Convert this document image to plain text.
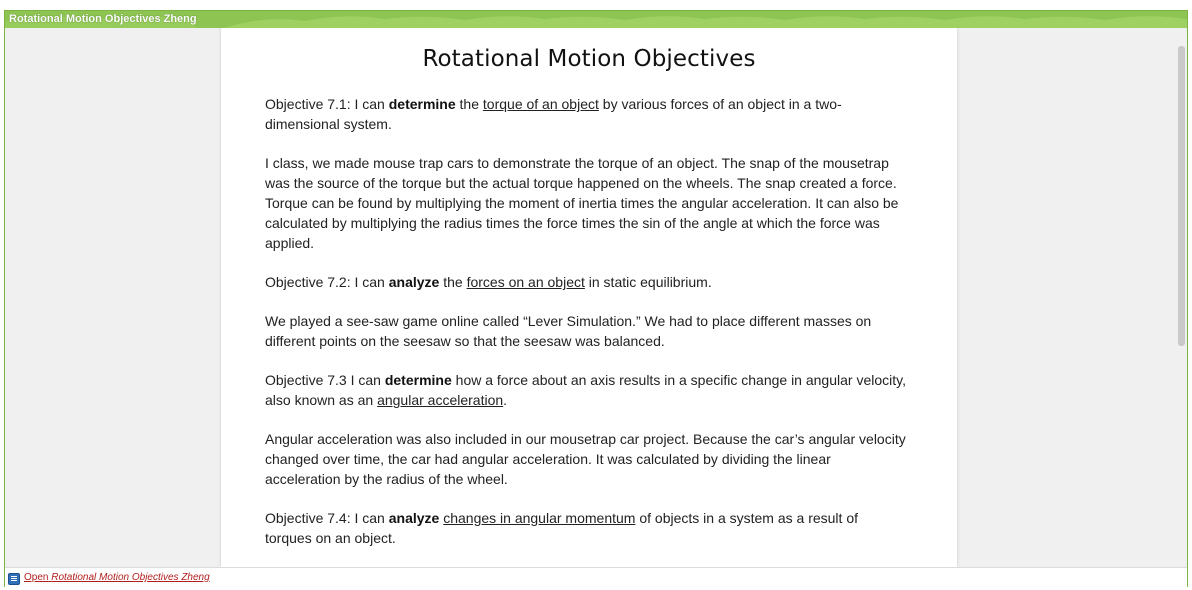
Rotational Motion Objectives Zheng
Rotational Motion Objectives

Objective 7.1: I can determine the torque of an object by various forces of an object in a two-dimensional system.

I class, we made mouse trap cars to demonstrate the torque of an object. The snap of the mousetrap was the source of the torque but the actual torque happened on the wheels. The snap created a force. Torque can be found by multiplying the moment of inertia times the angular acceleration. It can also be calculated by multiplying the radius times the force times the sin of the angle at which the force was applied.

Objective 7.2: I can analyze the forces on an object in static equilibrium.

We played a see-saw game online called “Lever Simulation.” We had to place different masses on different points on the seesaw so that the seesaw was balanced.

Objective 7.3 I can determine how a force about an axis results in a specific change in angular velocity, also known as an angular acceleration.

Angular acceleration was also included in our mousetrap car project. Because the car’s angular velocity changed over time, the car had angular acceleration. It was calculated by dividing the linear acceleration by the radius of the wheel.

Objective 7.4: I can analyze changes in angular momentum of objects in a system as a result of torques on an object.

Open Rotational Motion Objectives Zheng
